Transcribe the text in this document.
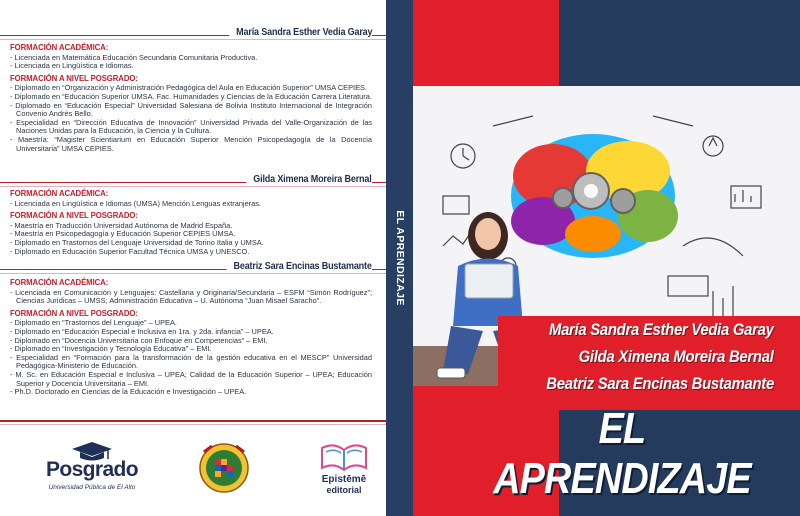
María Sandra Esther Vedia Garay
FORMACIÓN ACADÉMICA:
- Licenciada en Matemática Educación Secundaria Comunitaria Productiva.
- Licenciada en Lingüística e Idiomas.
FORMACIÓN A NIVEL POSGRADO:
- Diplomado en “Organización y Administración Pedagógica del Aula en Educación Superior” UMSA CEPIES.
- Diplomado en “Educación Superior UMSA. Fac. Humanidades y Ciencias de la Educación Carrera Literatura.
- Diplomado en “Educación Especial” Universidad Salesiana de Bolivia Instituto Internacional de Integración Convenio Andrés Bello.
- Especialidad en “Dirección Educativa de Innovación” Universidad Privada del Valle-Organización de las Naciones Unidas para la Educación, la Ciencia y la Cultura.
- Maestría: “Magister Scientiarium en Educación Superior Mención Psicopedagogía de la Docencia Universitaria” UMSA CEPIES.
Gilda Ximena Moreira Bernal
FORMACIÓN ACADÉMICA:
- Licenciada en Lingüística e Idiomas (UMSA) Mención Lenguas extranjeras.
FORMACIÓN A NIVEL POSGRADO:
- Maestría en Traducción Universidad Autónoma de Madrid España.
- Maestría en Psicopedagogía y Educación Superior CEPIES UMSA.
- Diplomado en Trastornos del Lenguaje Universidad de Torino Italia y UMSA.
- Diplomado en Educación Superior Facultad Técnica UMSA y UNESCO.
Beatriz Sara Encinas Bustamante
FORMACIÓN ACADÉMICA:
- Licenciada en Comunicación y Lenguajes: Castellana y Originaria/Secundaria – ESFM “Simón Rodríguez”; Ciencias Jurídicas – UMSS; Administración Educativa – U. Autónoma “Juan Misael Saracho”.
FORMACIÓN A NIVEL POSGRADO:
- Diplomado en “Trastornos del Lenguaje” – UPEA.
- Diplomado en “Educación Especial e Inclusiva en 1ra. y 2da. infancia” – UPEA.
- Diplomado en “Docencia Universitaria con Enfoque en Competencias” – EMI.
- Diplomado en “Investigación y Tecnología Educativa” – EMI.
- Especialidad en “Formación para la transformación de la gestión educativa en el MESCP” Universidad Pedagógica-Ministerio de Educación.
- M. Sc. en Educación Especial e Inclusiva – UPEA; Calidad de la Educación Superior – UPEA; Educación Superior y Docencia Universitaria – EMI.
- Ph.D. Doctorado en Ciencias de la Educación e Investigación – UPEA.
Posgrado
Universidad Pública de El Alto
Epistēmē
editorial
EL APRENDIZAJE
María Sandra Esther Vedia Garay
Gilda Ximena Moreira Bernal
Beatriz Sara Encinas Bustamante
EL APRENDIZAJE
